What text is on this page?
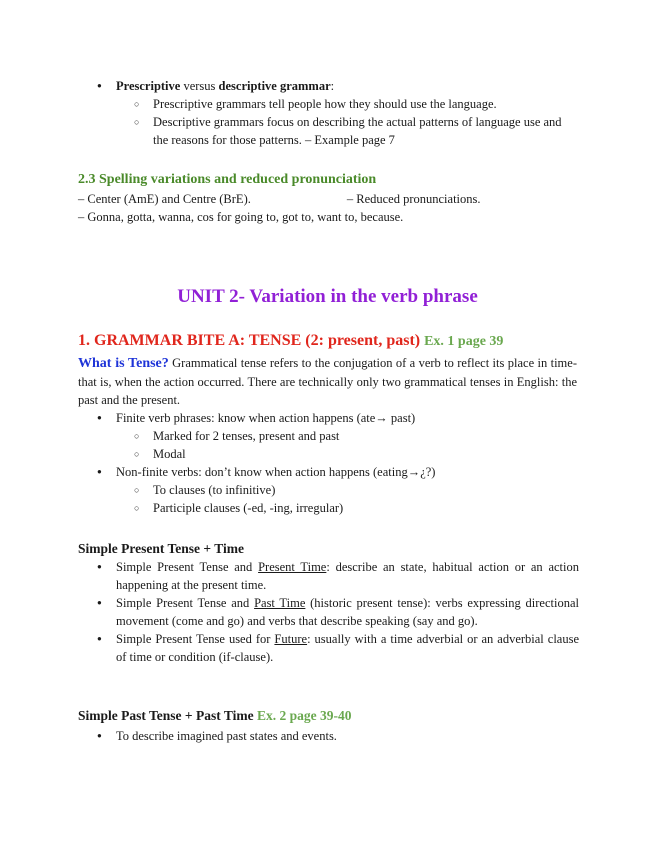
● Prescriptive versus descriptive grammar:
○ Prescriptive grammars tell people how they should use the language.
○ Descriptive grammars focus on describing the actual patterns of language use and the reasons for those patterns. – Example page 7

2.3 Spelling variations and reduced pronunciation

– Center (AmE) and Centre (BrE).	– Reduced pronunciations.

– Gonna, gotta, wanna, cos for going to, got to, want to, because.

UNIT 2- Variation in the verb phrase

1. GRAMMAR BITE A: TENSE (2: present, past) Ex. 1 page 39

What is Tense? Grammatical tense refers to the conjugation of a verb to reflect its place in time- that is, when the action occurred. There are technically only two grammatical tenses in English: the past and the present.

● Finite verb phrases: know when action happens (ate→ past)
○ Marked for 2 tenses, present and past
○ Modal
● Non-finite verbs: don’t know when action happens (eating→¿?)
○ To clauses (to infinitive)
○ Participle clauses (-ed, -ing, irregular)

Simple Present Tense + Time

● Simple Present Tense and Present Time: describe an state, habitual action or an action happening at the present time.
● Simple Present Tense and Past Time (historic present tense): verbs expressing directional movement (come and go) and verbs that describe speaking (say and go).
● Simple Present Tense used for Future: usually with a time adverbial or an adverbial clause of time or condition (if-clause).

Simple Past Tense + Past Time Ex. 2 page 39-40

● To describe imagined past states and events.
